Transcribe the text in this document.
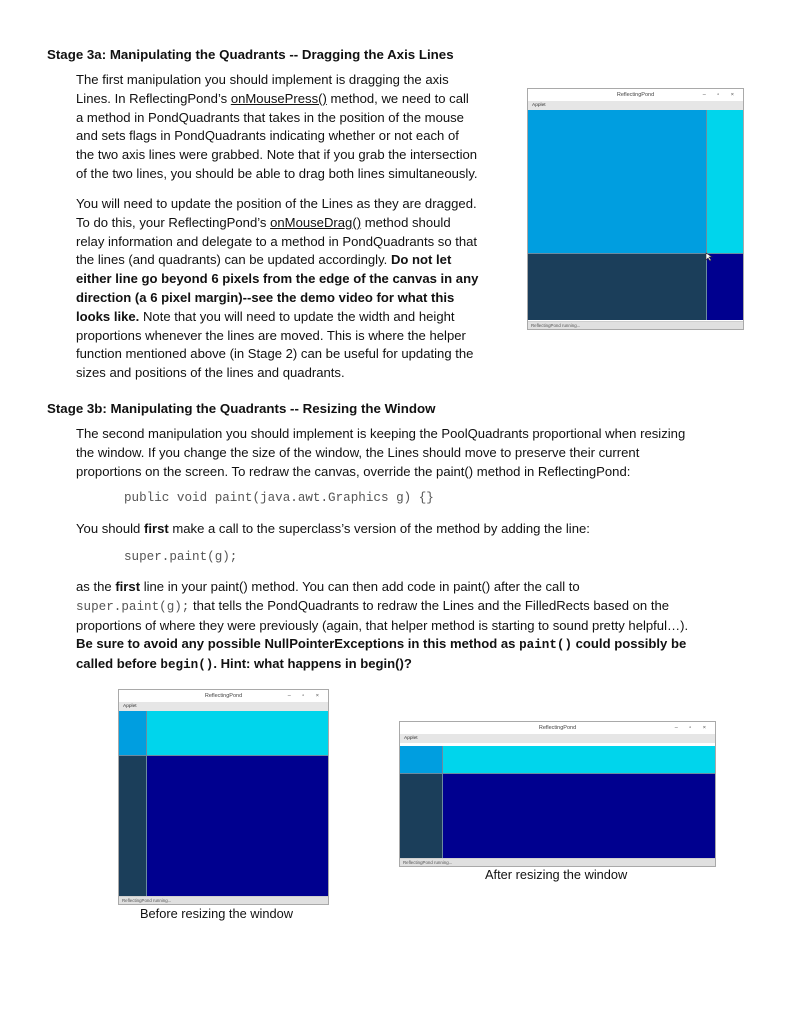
Stage 3a: Manipulating the Quadrants -- Dragging the Axis Lines
The first manipulation you should implement is dragging the axis
Lines. In ReflectingPond’s onMousePress() method, we need to call
a method in PondQuadrants that takes in the position of the mouse
and sets flags in PondQuadrants indicating whether or not each of
the two axis lines were grabbed. Note that if you grab the intersection
of the two lines, you should be able to drag both lines simultaneously.
You will need to update the position of the Lines as they are dragged.
To do this, your ReflectingPond’s onMouseDrag() method should
relay information and delegate to a method in PondQuadrants so that
the lines (and quadrants) can be updated accordingly. Do not let
either line go beyond 6 pixels from the edge of the canvas in any
direction (a 6 pixel margin)--see the demo video for what this
looks like. Note that you will need to update the width and height
proportions whenever the lines are moved. This is where the helper
function mentioned above (in Stage 2) can be useful for updating the
sizes and positions of the lines and quadrants.
ReflectingPond	– ▫ ×
Applet
ReflectingPond running...
Stage 3b: Manipulating the Quadrants -- Resizing the Window
The second manipulation you should implement is keeping the PoolQuadrants proportional when resizing
the window. If you change the size of the window, the Lines should move to preserve their current
proportions on the screen. To redraw the canvas, override the paint() method in ReflectingPond:
public void paint(java.awt.Graphics g) {}
You should first make a call to the superclass’s version of the method by adding the line:
super.paint(g);
as the first line in your paint() method. You can then add code in paint() after the call to
super.paint(g); that tells the PondQuadrants to redraw the Lines and the FilledRects based on the
proportions of where they were previously (again, that helper method is starting to sound pretty helpful…).
Be sure to avoid any possible NullPointerExceptions in this method as paint() could possibly be
called before begin(). Hint: what happens in begin()?
ReflectingPond	– ▫ ×
Applet
ReflectingPond running...
Before resizing the window
ReflectingPond	– ▫ ×
Applet
ReflectingPond running...
After resizing the window
